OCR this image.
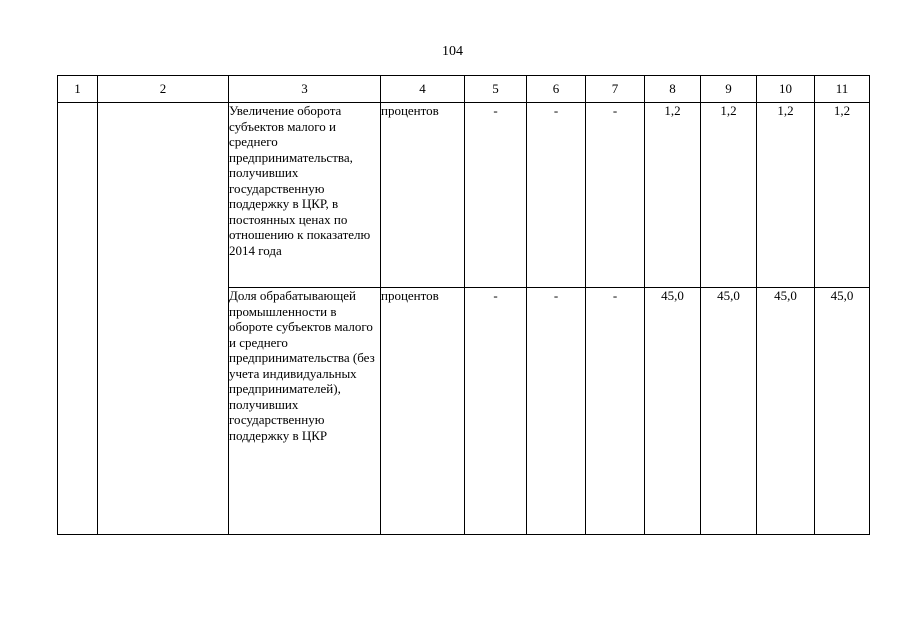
104
1	2	3	4	5	6	7	8	9	10	11
		Увеличение оборота субъектов малого и среднего предпринимательства, получивших государственную поддержку в ЦКР, в постоянных ценах по отношению к показателю 2014 года	процентов	-	-	-	1,2	1,2	1,2	1,2
		Доля обрабатывающей промышленности в обороте субъектов малого и среднего предпринимательства (без учета индивидуальных предпринимателей), получивших государственную поддержку в ЦКР	процентов	-	-	-	45,0	45,0	45,0	45,0
